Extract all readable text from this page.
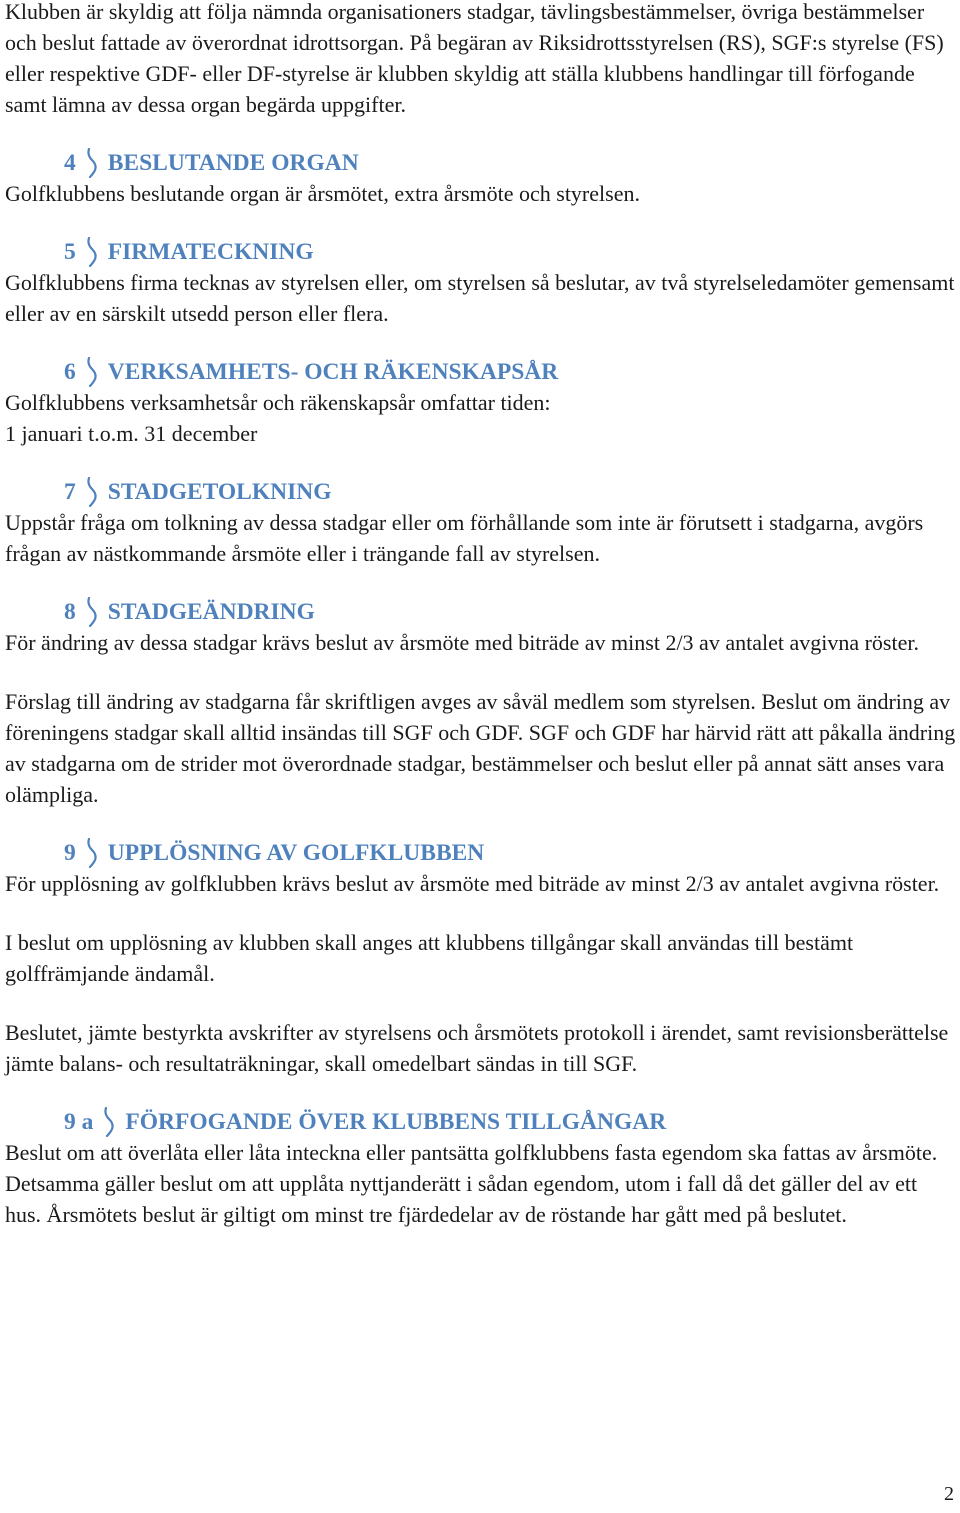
Klubben är skyldig att följa nämnda organisationers stadgar, tävlingsbestämmelser, övriga bestämmelser och beslut fattade av överordnat idrottsorgan. På begäran av Riksidrottsstyrelsen (RS), SGF:s styrelse (FS) eller respektive GDF- eller DF-styrelse är klubben skyldig att ställa klubbens handlingar till förfogande samt lämna av dessa organ begärda uppgifter.

4 BESLUTANDE ORGAN

Golfklubbens beslutande organ är årsmötet, extra årsmöte och styrelsen.

5 FIRMATECKNING

Golfklubbens firma tecknas av styrelsen eller, om styrelsen så beslutar, av två styrelseledamöter gemensamt eller av en särskilt utsedd person eller flera.

6 VERKSAMHETS- OCH RÄKENSKAPSÅR

Golfklubbens verksamhetsår och räkenskapsår omfattar tiden:

1 januari t.o.m. 31 december

7 STADGETOLKNING

Uppstår fråga om tolkning av dessa stadgar eller om förhållande som inte är förutsett i stadgarna, avgörs frågan av nästkommande årsmöte eller i trängande fall av styrelsen.

8 STADGEÄNDRING

För ändring av dessa stadgar krävs beslut av årsmöte med biträde av minst 2/3 av antalet avgivna röster.

Förslag till ändring av stadgarna får skriftligen avges av såväl medlem som styrelsen. Beslut om ändring av föreningens stadgar skall alltid insändas till SGF och GDF. SGF och GDF har härvid rätt att påkalla ändring av stadgarna om de strider mot överordnade stadgar, bestämmelser och beslut eller på annat sätt anses vara olämpliga.

9 UPPLÖSNING AV GOLFKLUBBEN

För upplösning av golfklubben krävs beslut av årsmöte med biträde av minst 2/3 av antalet avgivna röster.

I beslut om upplösning av klubben skall anges att klubbens tillgångar skall användas till bestämt golffrämjande ändamål.

Beslutet, jämte bestyrkta avskrifter av styrelsens och årsmötets protokoll i ärendet, samt revisionsberättelse jämte balans- och resultaträkningar, skall omedelbart sändas in till SGF.

9 a FÖRFOGANDE ÖVER KLUBBENS TILLGÅNGAR

Beslut om att överlåta eller låta inteckna eller pantsätta golfklubbens fasta egendom ska fattas av årsmöte. Detsamma gäller beslut om att upplåta nyttjanderätt i sådan egendom, utom i fall då det gäller del av ett hus. Årsmötets beslut är giltigt om minst tre fjärdedelar av de röstande har gått med på beslutet.

2
